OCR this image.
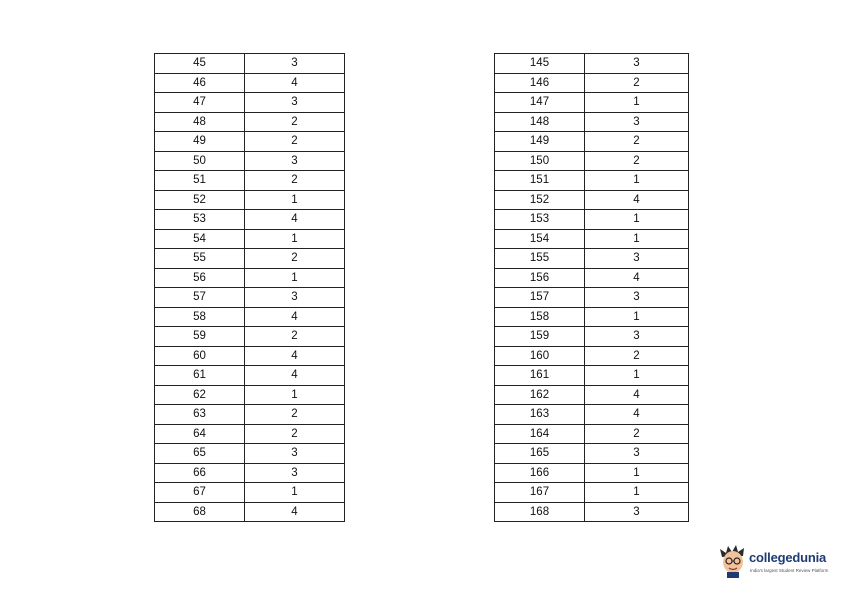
45	3
46	4
47	3
48	2
49	2
50	3
51	2
52	1
53	4
54	1
55	2
56	1
57	3
58	4
59	2
60	4
61	4
62	1
63	2
64	2
65	3
66	3
67	1
68	4
145	3
146	2
147	1
148	3
149	2
150	2
151	1
152	4
153	1
154	1
155	3
156	4
157	3
158	1
159	3
160	2
161	1
162	4
163	4
164	2
165	3
166	1
167	1
168	3
collegedunia
India's largest Student Review Platform
